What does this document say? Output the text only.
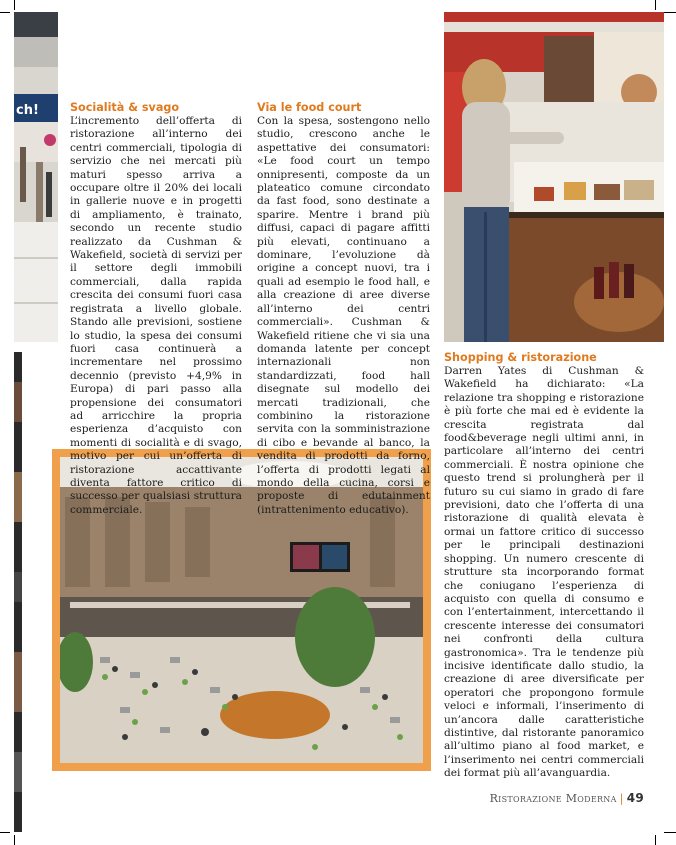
ch!	Socialità & svago

L’incremento dell’offerta di ristorazione all’interno dei centri commerciali, tipologia di servizio che nei mercati più maturi spesso arriva a occupare oltre il 20% dei locali in gallerie nuove e in progetti di ampliamento, è trainato, secondo un recente studio realizzato da Cushman & Wakefield, società di servizi per il settore degli immobili commerciali, dalla rapida crescita dei consumi fuori casa registrata a livello globale. Stando alle previsioni, sostiene lo studio, la spesa dei consumi fuori casa continuerà a incrementare nel prossimo decennio (previsto +4,9% in Europa) di pari passo alla propensione dei consumatori ad arricchire la propria esperienza d’acquisto con momenti di socialità e di svago, motivo per cui un’offerta di ristorazione accattivante diventa fattore critico di successo per qualsiasi struttura commerciale.

Via le food court

Con la spesa, sostengono nello studio, crescono anche le aspettative dei consumatori: «Le food court un tempo onnipresenti, composte da un plateatico comune circondato da fast food, sono destinate a sparire. Mentre i brand più diffusi, capaci di pagare affitti più elevati, continuano a dominare, l’evoluzione dà origine a concept nuovi, tra i quali ad esempio le food hall, e alla creazione di aree diverse all’interno dei centri commerciali». Cushman & Wakefield ritiene che vi sia una domanda latente per concept internazionali non standardizzati, food hall disegnate sul modello dei mercati tradizionali, che combinino la ristorazione servita con la somministrazione di cibo e bevande al banco, la vendita di prodotti da forno, l’offerta di prodotti legati al mondo della cucina, corsi e proposte di edutainment (intrattenimento educativo).

Shopping & ristorazione

Darren Yates di Cushman & Wakefield ha dichiarato: «La relazione tra shopping e ristorazione è più forte che mai ed è evidente la crescita registrata dal food&beverage negli ultimi anni, in particolare all’interno dei centri commerciali. È nostra opinione che questo trend si prolungherà per il futuro su cui siamo in grado di fare previsioni, dato che l’offerta di una ristorazione di qualità elevata è ormai un fattore critico di successo per le principali destinazioni shopping. Un numero crescente di strutture sta incorporando format che coniugano l’esperienza di acquisto con quella di consumo e con l’entertainment, intercettando il crescente interesse dei consumatori nei confronti della cultura gastronomica». Tra le tendenze più incisive identificate dallo studio, la creazione di aree diversificate per operatori che propongono formule veloci e informali, l’inserimento di un’ancora dalle caratteristiche distintive, dal ristorante panoramico all’ultimo piano al food market, e l’inserimento nei centri commerciali dei format più all’avanguardia.

Ristorazione Moderna | 49
